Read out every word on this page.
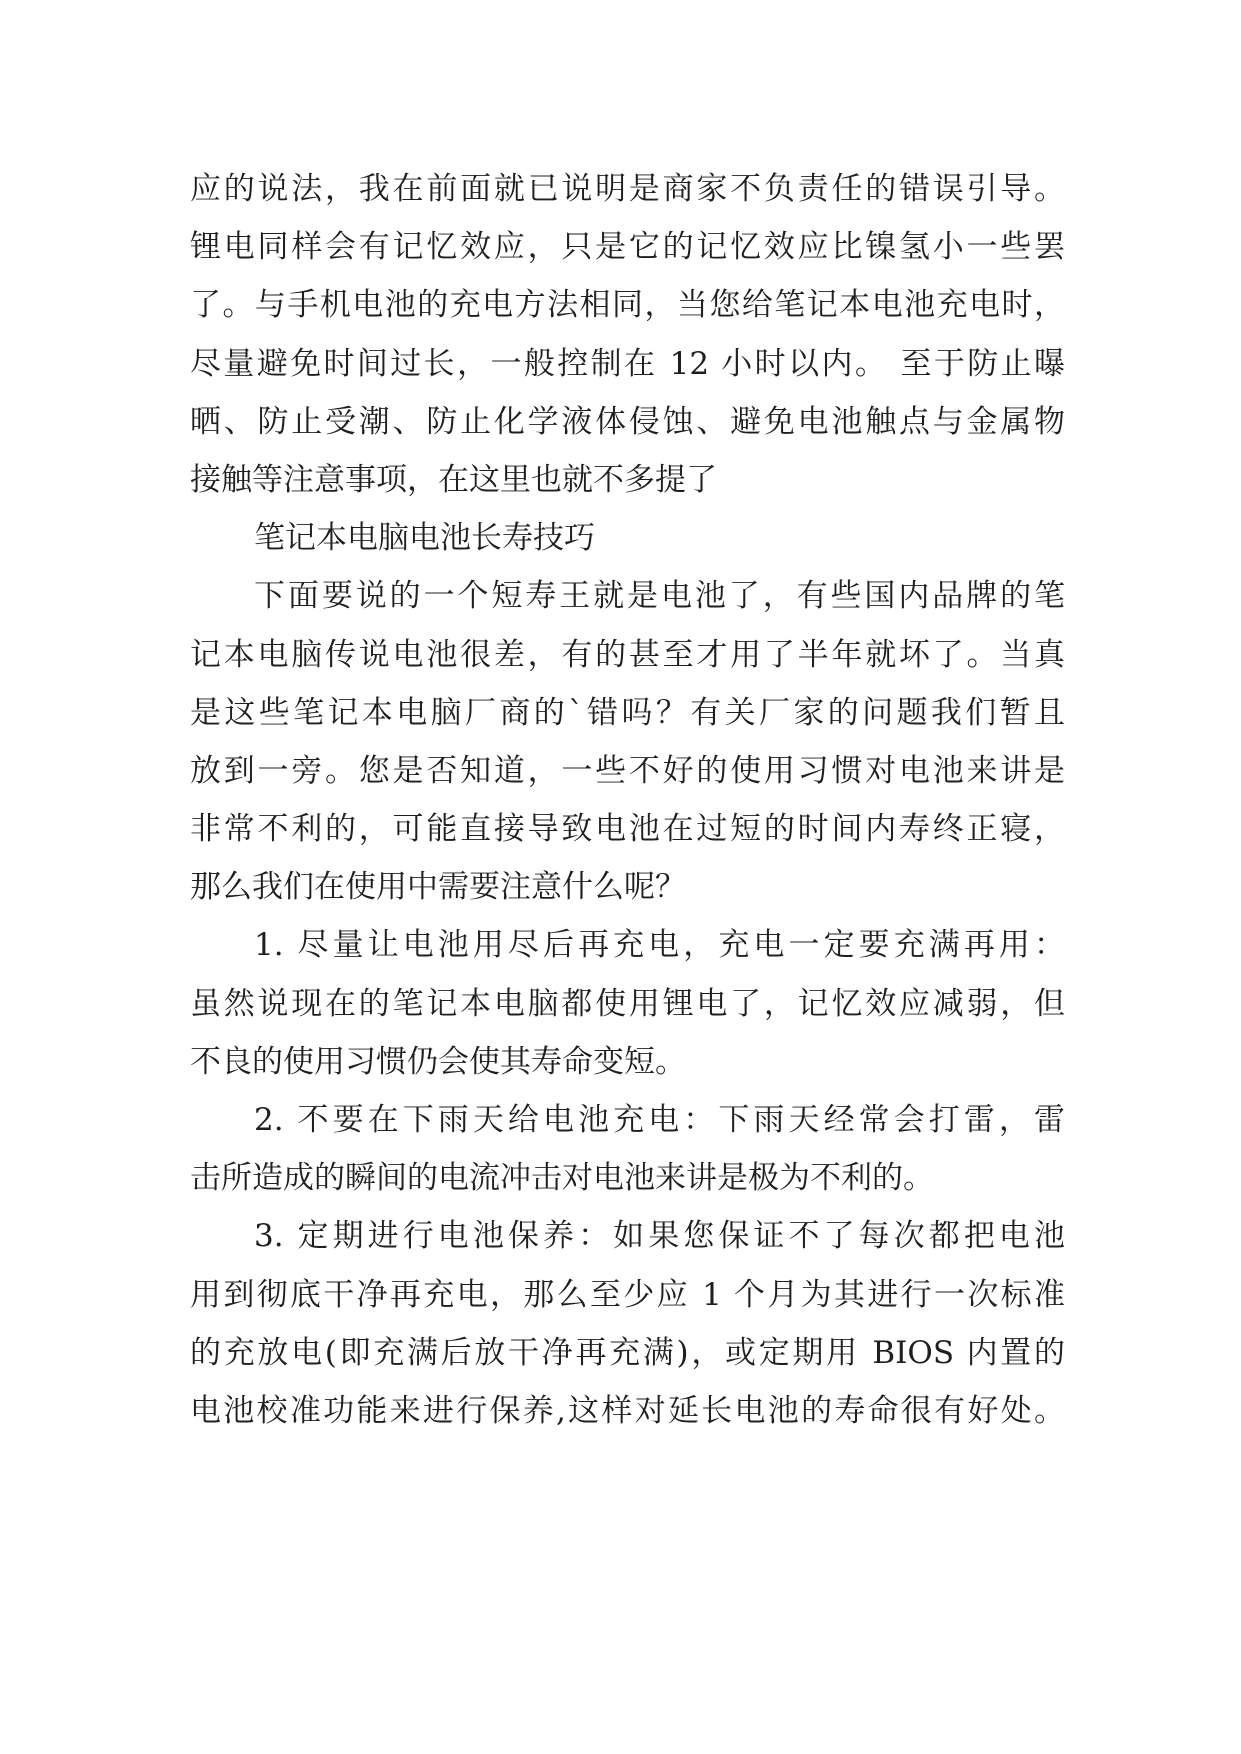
应的说法，我在前面就已说明是商家不负责任的错误引导。
锂电同样会有记忆效应，只是它的记忆效应比镍氢小一些罢
了。与手机电池的充电方法相同，当您给笔记本电池充电时，
尽量避免时间过长，一般控制在 12 小时以内。 至于防止曝
晒、防止受潮、防止化学液体侵蚀、避免电池触点与金属物
接触等注意事项，在这里也就不多提了
笔记本电脑电池长寿技巧
下面要说的一个短寿王就是电池了，有些国内品牌的笔
记本电脑传说电池很差，有的甚至才用了半年就坏了。当真
是这些笔记本电脑厂商的`错吗？有关厂家的问题我们暂且
放到一旁。您是否知道，一些不好的使用习惯对电池来讲是
非常不利的，可能直接导致电池在过短的时间内寿终正寝，
那么我们在使用中需要注意什么呢？
1. 尽量让电池用尽后再充电，充电一定要充满再用：
虽然说现在的笔记本电脑都使用锂电了，记忆效应减弱，但
不良的使用习惯仍会使其寿命变短。
2. 不要在下雨天给电池充电：下雨天经常会打雷，雷
击所造成的瞬间的电流冲击对电池来讲是极为不利的。
3. 定期进行电池保养：如果您保证不了每次都把电池
用到彻底干净再充电，那么至少应 1 个月为其进行一次标准
的充放电(即充满后放干净再充满)，或定期用 BIOS 内置的
电池校准功能来进行保养,这样对延长电池的寿命很有好处。
